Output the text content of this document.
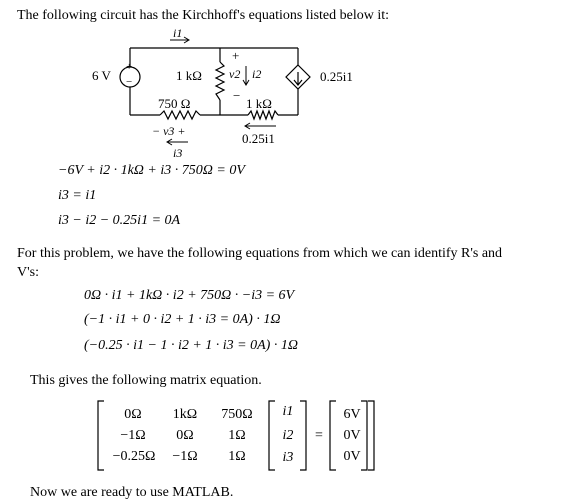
The following circuit has the Kirchhoff's equations listed below it:
6 V
+
−
i1
1 kΩ
+
v2 i2
−
0.25i1
750 Ω	1 kΩ
− v3 +
i3
0.25i1
−6V + i2 · 1kΩ + i3 · 750Ω = 0V
i3 = i1
i3 − i2 − 0.25i1 = 0A
For this problem, we have the following equations from which we can identify R's and
V's:
0Ω · i1 + 1kΩ · i2 + 750Ω · −i3 = 6V
(−1 · i1 + 0 · i2 + 1 · i3 = 0A) · 1Ω
(−0.25 · i1 − 1 · i2 + 1 · i3 = 0A) · 1Ω
This gives the following matrix equation.
0Ω	1kΩ	750Ω
−1Ω	0Ω	1Ω
−0.25Ω	−1Ω	1Ω
i1
i2
i3
=
6V
0V
0V
Now we are ready to use MATLAB.
